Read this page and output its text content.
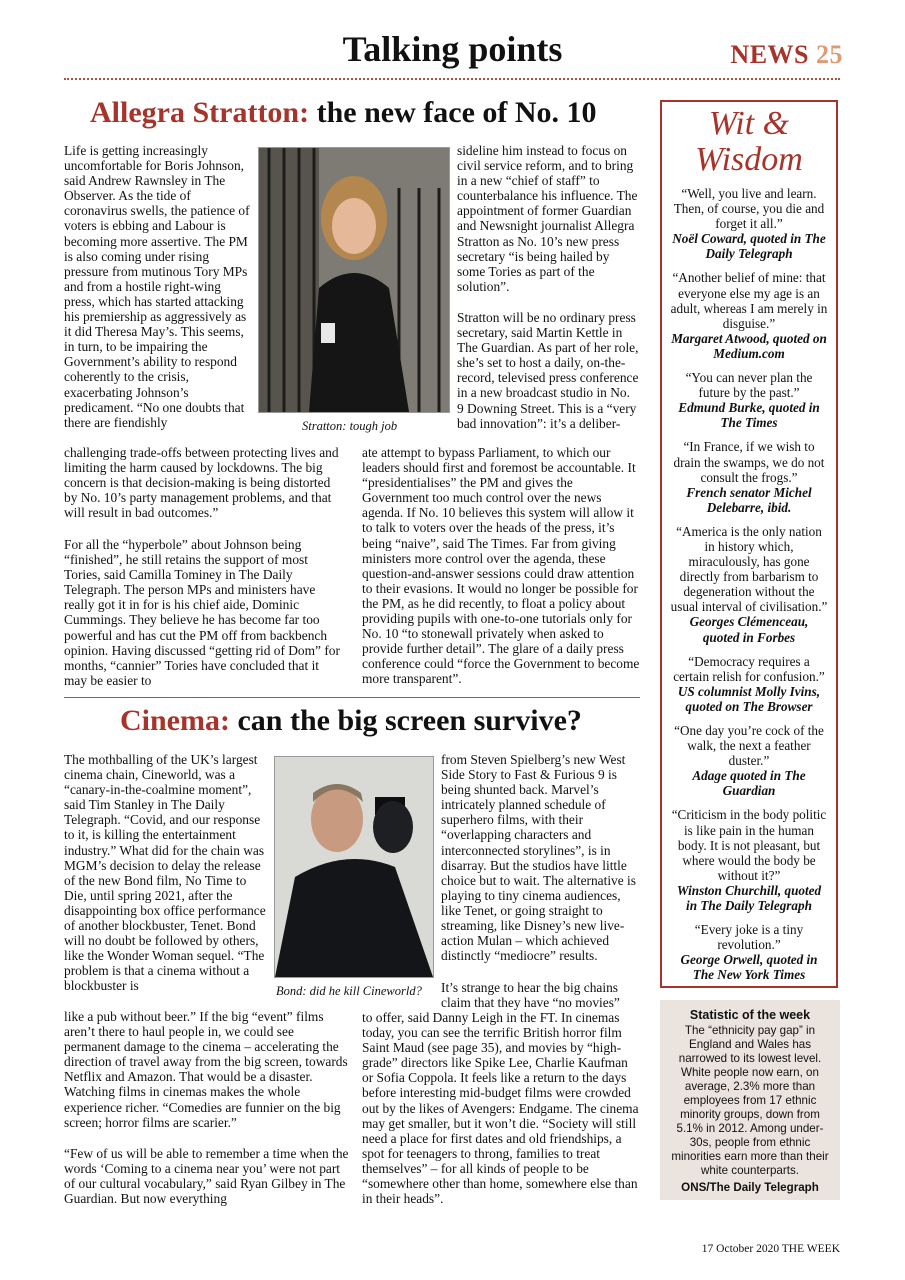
Talking points	NEWS 25
Allegra Stratton: the new face of No. 10
Life is getting increasingly uncomfortable for Boris Johnson, said Andrew Rawnsley in The Observer. As the tide of coronavirus swells, the patience of voters is ebbing and Labour is becoming more assertive. The PM is also coming under rising pressure from mutinous Tory MPs and from a hostile right-wing press, which has started attacking his premiership as aggressively as it did Theresa May’s. This seems, in turn, to be impairing the Government’s ability to respond coherently to the crisis, exacerbating Johnson’s predicament. “No one doubts that there are fiendishly	Stratton: tough job
challenging trade-offs between protecting lives and limiting the harm caused by lockdowns. The big concern is that decision-making is being distorted by No. 10’s party management problems, and that will result in bad outcomes.”
For all the “hyperbole” about Johnson being “finished”, he still retains the support of most Tories, said Camilla Tominey in The Daily Telegraph. The person MPs and ministers have really got it in for is his chief aide, Dominic Cummings. They believe he has become far too powerful and has cut the PM off from backbench opinion. Having discussed “getting rid of Dom” for months, “cannier” Tories have concluded that it may be easier to
sideline him instead to focus on civil service reform, and to bring in a new “chief of staff” to counterbalance his influence. The appointment of former Guardian and Newsnight journalist Allegra Stratton as No. 10’s new press secretary “is being hailed by some Tories as part of the solution”.
Stratton will be no ordinary press secretary, said Martin Kettle in The Guardian. As part of her role, she’s set to host a daily, on-the-record, televised press conference in a new broadcast studio in No. 9 Downing Street. This is a “very bad innovation”: it’s a deliber-
ate attempt to bypass Parliament, to which our leaders should first and foremost be accountable. It “presidentialises” the PM and gives the Government too much control over the news agenda. If No. 10 believes this system will allow it to talk to voters over the heads of the press, it’s being “naive”, said The Times. Far from giving ministers more control over the agenda, these question-and-answer sessions could draw attention to their evasions. It would no longer be possible for the PM, as he did recently, to float a policy about providing pupils with one-to-one tutorials only for No. 10 “to stonewall privately when asked to provide further detail”. The glare of a daily press conference could “force the Government to become more transparent”.
Cinema: can the big screen survive?
The mothballing of the UK’s largest cinema chain, Cineworld, was a “canary-in-the-coalmine moment”, said Tim Stanley in The Daily Telegraph. “Covid, and our response to it, is killing the entertainment industry.” What did for the chain was MGM’s decision to delay the release of the new Bond film, No Time to Die, until spring 2021, after the disappointing box office performance of another blockbuster, Tenet. Bond will no doubt be followed by others, like the Wonder Woman sequel. “The problem is that a cinema without a blockbuster is	Bond: did he kill Cineworld?
like a pub without beer.” If the big “event” films aren’t there to haul people in, we could see permanent damage to the cinema – accelerating the direction of travel away from the big screen, towards Netflix and Amazon. That would be a disaster. Watching films in cinemas makes the whole experience richer. “Comedies are funnier on the big screen; horror films are scarier.”
“Few of us will be able to remember a time when the words ‘Coming to a cinema near you’ were not part of our cultural vocabulary,” said Ryan Gilbey in The Guardian. But now everything
from Steven Spielberg’s new West Side Story to Fast & Furious 9 is being shunted back. Marvel’s intricately planned schedule of superhero films, with their “overlapping characters and interconnected storylines”, is in disarray. But the studios have little choice but to wait. The alternative is playing to tiny cinema audiences, like Tenet, or going straight to streaming, like Disney’s new live-action Mulan – which achieved distinctly “mediocre” results.
It’s strange to hear the big chains claim that they have “no movies”
to offer, said Danny Leigh in the FT. In cinemas today, you can see the terrific British horror film Saint Maud (see page 35), and movies by “high-grade” directors like Spike Lee, Charlie Kaufman or Sofia Coppola. It feels like a return to the days before interesting mid-budget films were crowded out by the likes of Avengers: Endgame. The cinema may get smaller, but it won’t die. “Society will still need a place for first dates and old friendships, a spot for teenagers to throng, families to treat themselves” – for all kinds of people to be “somewhere other than home, somewhere else than in their heads”.
Wit &
Wisdom
“Well, you live and learn. Then, of course, you die and forget it all.”
Noël Coward, quoted in The Daily Telegraph
“Another belief of mine: that everyone else my age is an adult, whereas I am merely in disguise.”
Margaret Atwood, quoted on Medium.com
“You can never plan the future by the past.”
Edmund Burke, quoted in The Times
“In France, if we wish to drain the swamps, we do not consult the frogs.”
French senator Michel Delebarre, ibid.
“America is the only nation in history which, miraculously, has gone directly from barbarism to degeneration without the usual interval of civilisation.”
Georges Clémenceau, quoted in Forbes
“Democracy requires a certain relish for confusion.”
US columnist Molly Ivins, quoted on The Browser
“One day you’re cock of the walk, the next a feather duster.”
Adage quoted in The Guardian
“Criticism in the body politic is like pain in the human body. It is not pleasant, but where would the body be without it?”
Winston Churchill, quoted in The Daily Telegraph
“Every joke is a tiny revolution.”
George Orwell, quoted in The New York Times
Statistic of the week
The “ethnicity pay gap” in England and Wales has narrowed to its lowest level. White people now earn, on average, 2.3% more than employees from 17 ethnic minority groups, down from 5.1% in 2012. Among under-30s, people from ethnic minorities earn more than their white counterparts.
ONS/The Daily Telegraph
17 October 2020 THE WEEK
